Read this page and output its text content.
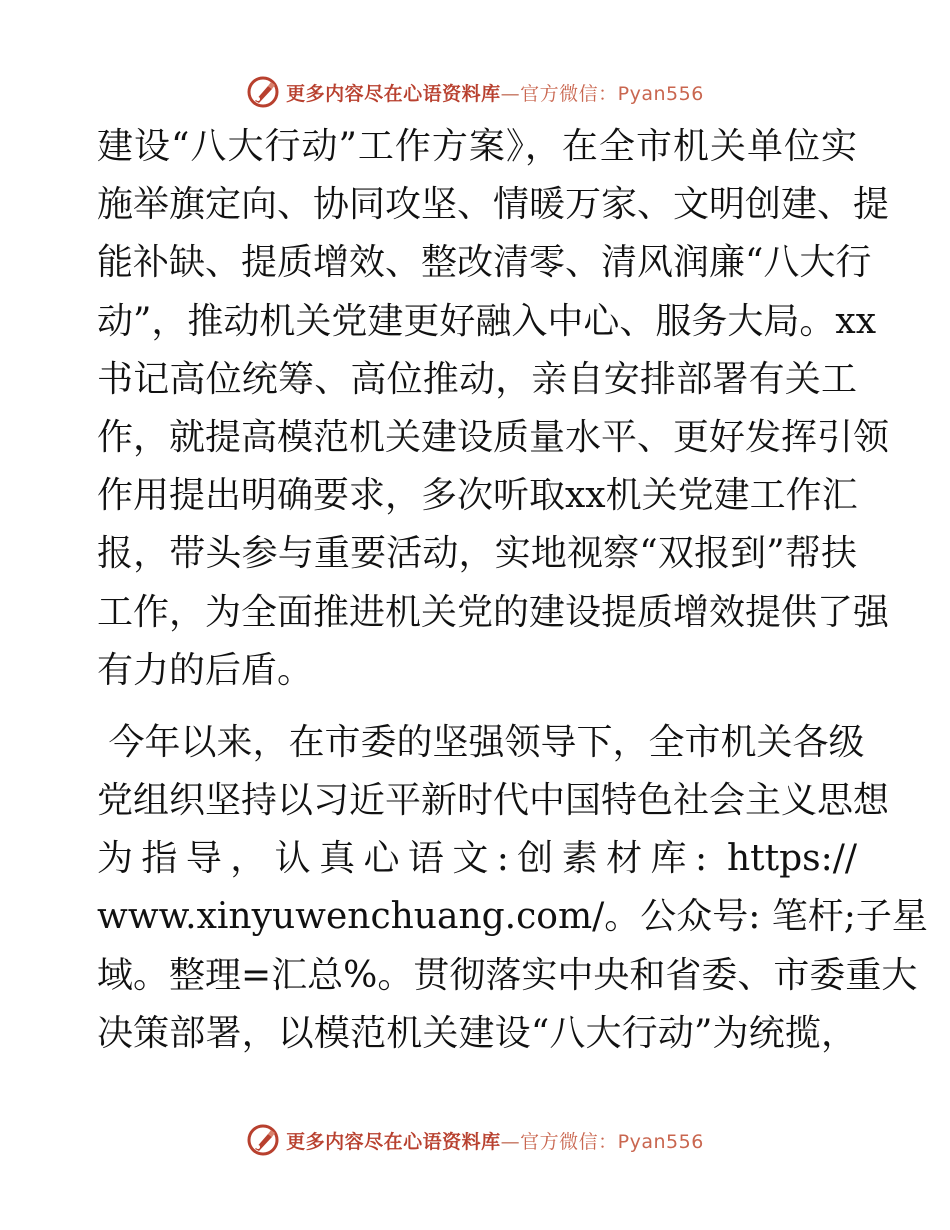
更多内容尽在心语资料库—官方微信：Pyan556
建设“八大行动”工作方案》，在全市机关单位实
施举旗定向、协同攻坚、情暖万家、文明创建、提
能补缺、提质增效、整改清零、清风润廉“八大行
动”，推动机关党建更好融入中心、服务大局。xx
书记高位统筹、高位推动，亲自安排部署有关工
作，就提高模范机关建设质量水平、更好发挥引领
作用提出明确要求，多次听取xx机关党建工作汇
报，带头参与重要活动，实地视察“双报到”帮扶
工作，为全面推进机关党的建设提质增效提供了强
有力的后盾。
今年以来，在市委的坚强领导下，全市机关各级
党组织坚持以习近平新时代中国特色社会主义思想
为指导，认真心语文:创素材库: https://
www.xinyuwenchuang.com/。公众号: 笔杆;子星
域。整理=汇总%。贯彻落实中央和省委、市委重大
决策部署，以模范机关建设“八大行动”为统揽，
更多内容尽在心语资料库—官方微信：Pyan556
